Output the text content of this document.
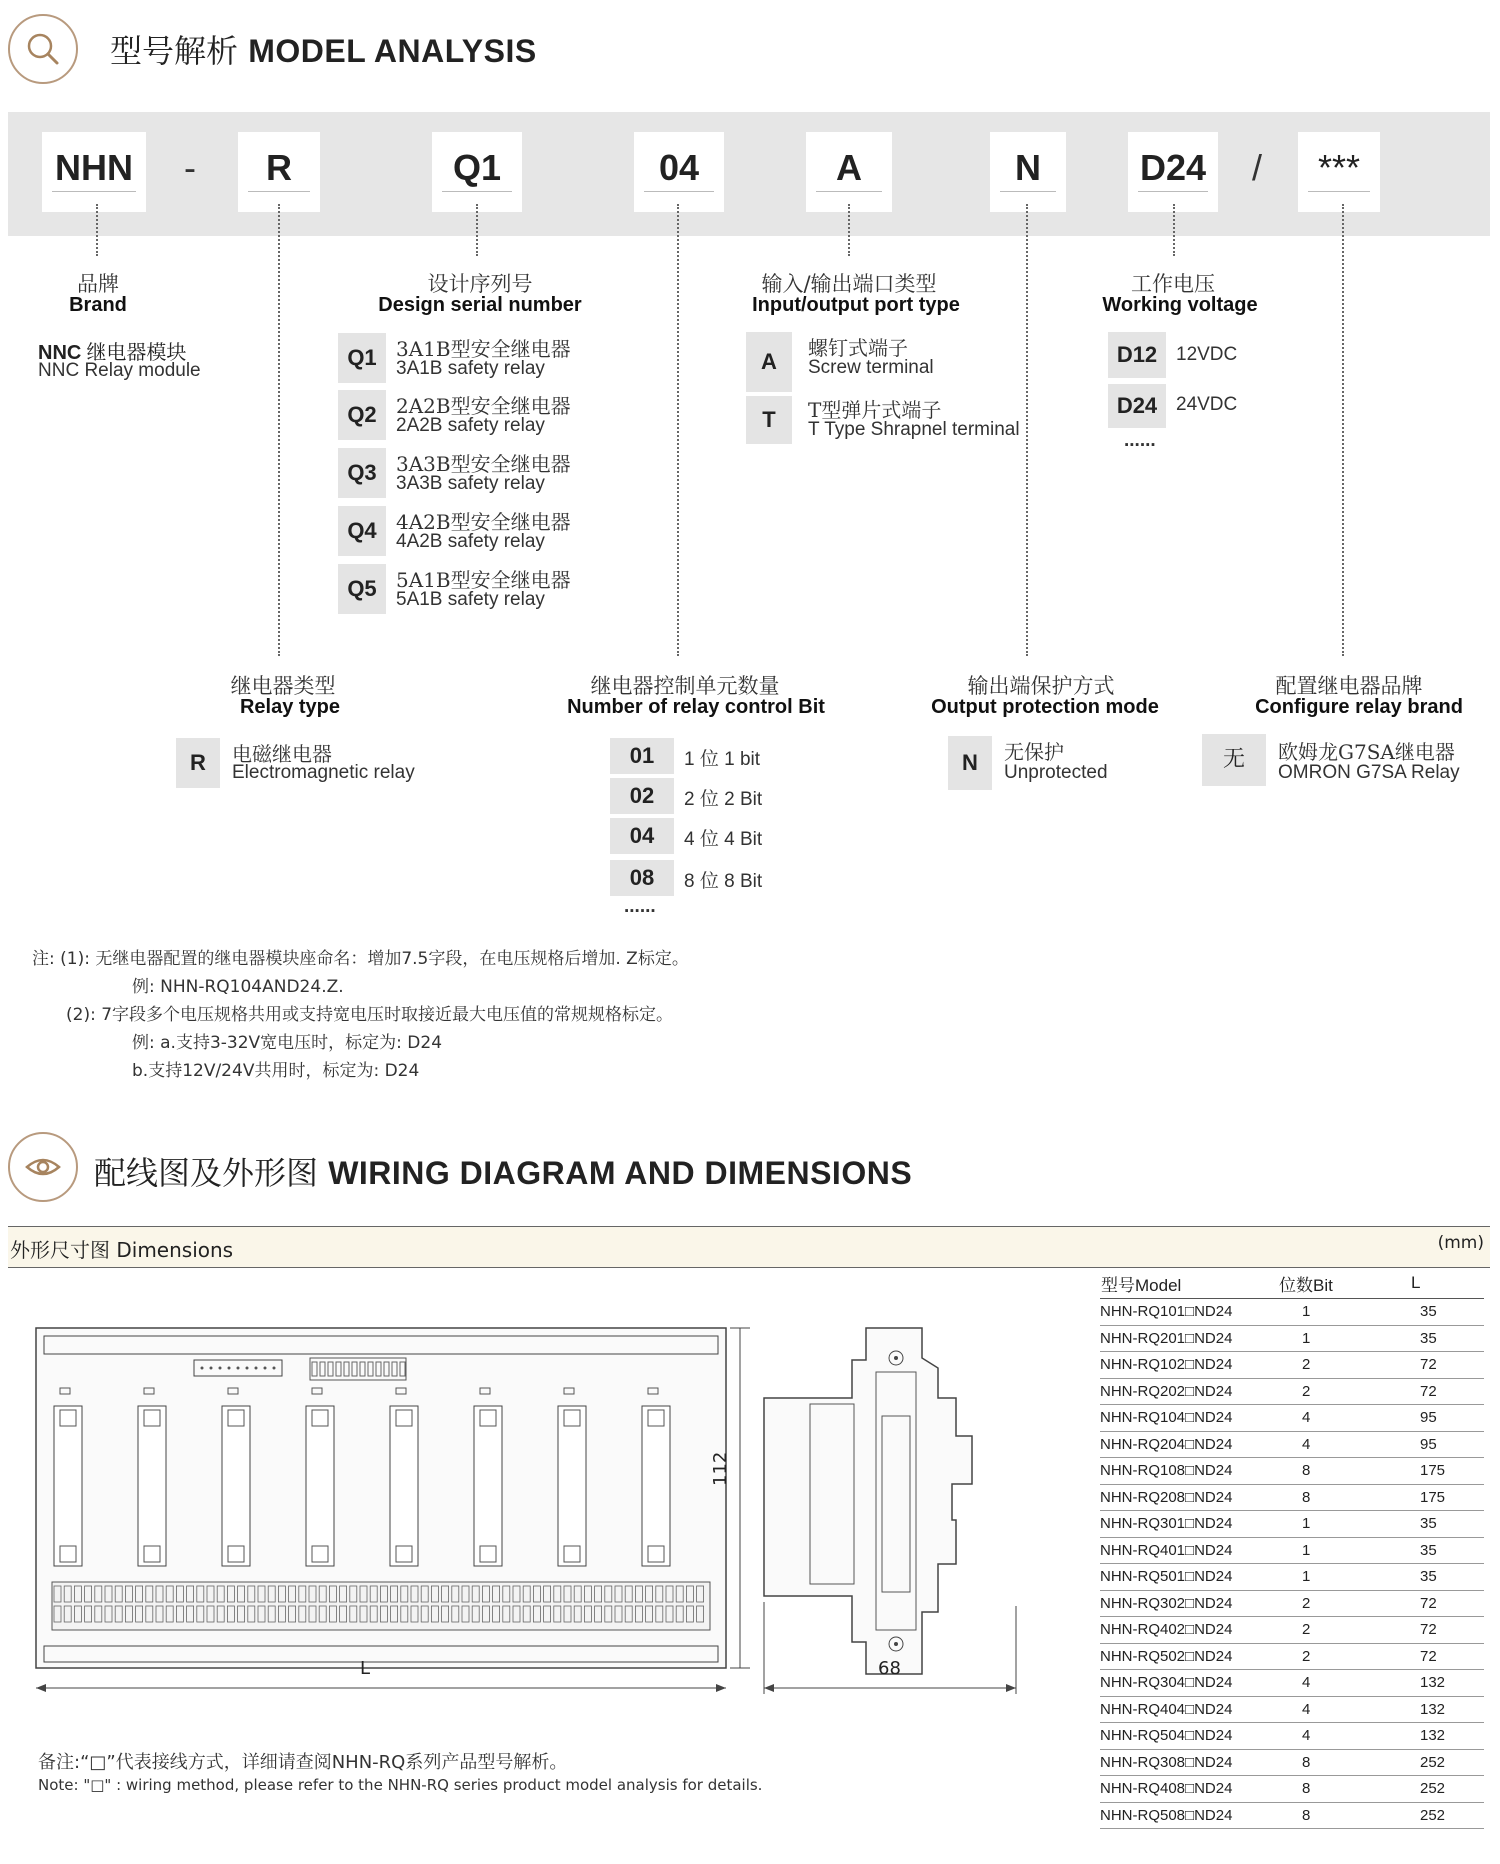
型号解析 MODEL ANALYSIS
NHN	-	R	Q1	04	A	N	D24	/	***
品牌
Brand
NNC 继电器模块
NNC Relay module
设计序列号
Design serial number
Q1 3A1B型安全继电器
3A1B safety relay
Q2 2A2B型安全继电器
2A2B safety relay
Q3 3A3B型安全继电器
3A3B safety relay
Q4 4A2B型安全继电器
4A2B safety relay
Q5 5A1B型安全继电器
5A1B safety relay
输入/输出端口类型
Input/output port type
A
螺钉式端子
Screw terminal
T	T型弹片式端子
T Type Shrapnel terminal
工作电压
Working voltage
D12 12VDC
D24 24VDC
......
继电器类型
Relay type
R	电磁继电器
Electromagnetic relay
继电器控制单元数量
Number of relay control Bit
01	1 位 1 bit
02	2 位 2 Bit
04	4 位 4 Bit
08	8 位 8 Bit
......
输出端保护方式
Output protection mode
N	无保护
Unprotected
配置继电器品牌
Configure relay brand
无	欧姆龙G7SA继电器
OMRON G7SA Relay
注: (1): 无继电器配置的继电器模块座命名：增加7.5字段，在电压规格后增加. Z标定。
例: NHN-RQ104AND24.Z.
(2): 7字段多个电压规格共用或支持宽电压时取接近最大电压值的常规规格标定。
例: a.支持3-32V宽电压时，标定为: D24
b.支持12V/24V共用时，标定为: D24
配线图及外形图 WIRING DIAGRAM AND DIMENSIONS
外形尺寸图 Dimensions	(mm)
112
L	68
型号Model	位数Bit	L
NHN-RQ101□ND24	1	35
NHN-RQ201□ND24	1	35
NHN-RQ102□ND24	2	72
NHN-RQ202□ND24	2	72
NHN-RQ104□ND24	4	95
NHN-RQ204□ND24	4	95
NHN-RQ108□ND24	8	175
NHN-RQ208□ND24	8	175
NHN-RQ301□ND24	1	35
NHN-RQ401□ND24	1	35
NHN-RQ501□ND24	1	35
NHN-RQ302□ND24	2	72
NHN-RQ402□ND24	2	72
NHN-RQ502□ND24	2	72
NHN-RQ304□ND24	4	132
NHN-RQ404□ND24	4	132
NHN-RQ504□ND24	4	132
NHN-RQ308□ND24	8	252
NHN-RQ408□ND24	8	252
NHN-RQ508□ND24	8	252
备注:“□”代表接线方式，详细请查阅NHN-RQ系列产品型号解析。
Note: "□" : wiring method, please refer to the NHN-RQ series product model analysis for details.
